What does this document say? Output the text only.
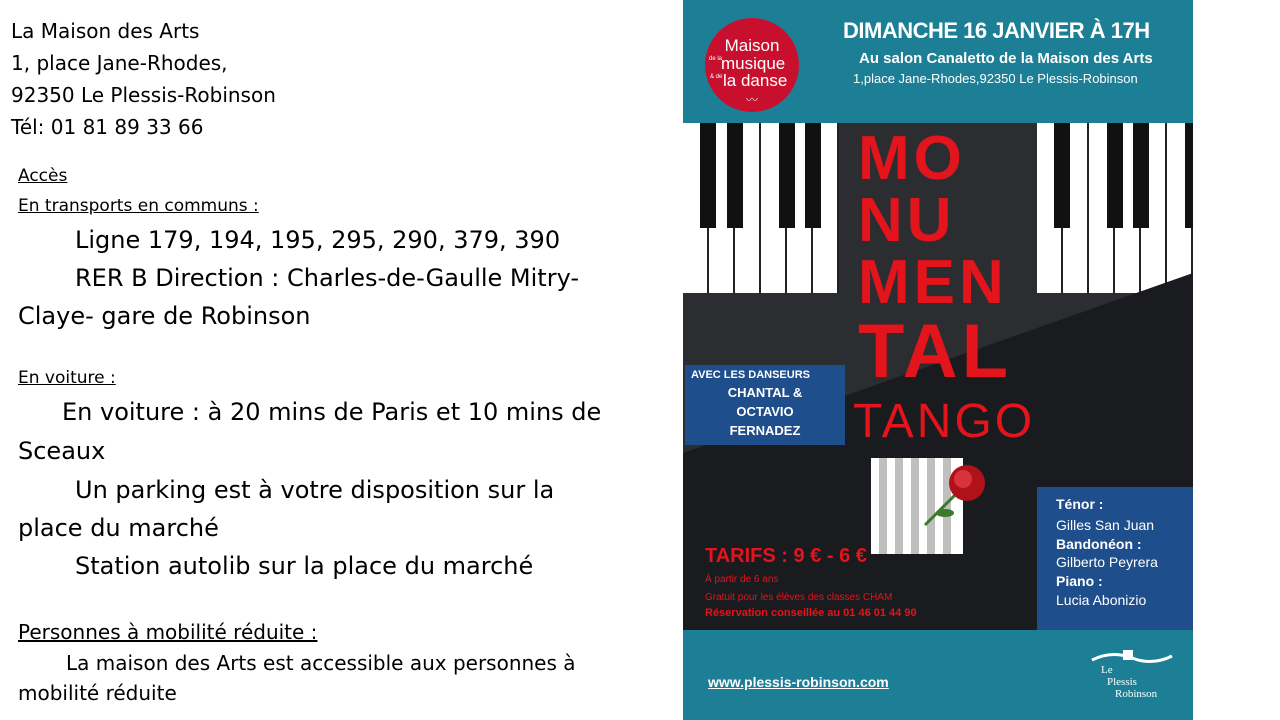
La Maison des Arts
1, place Jane-Rhodes,
92350 Le Plessis-Robinson
Tél: 01 81 89 33 66
Accès
En transports en communs :
Ligne 179, 194, 195, 295, 290, 379, 390
RER B Direction : Charles-de-Gaulle Mitry-
Claye- gare de Robinson
En voiture :
En voiture : à 20 mins de Paris et 10 mins de
Sceaux
Un parking est à votre disposition sur la
place du marché
Station autolib sur la place du marché
Personnes à mobilité réduite :
La maison des Arts est accessible aux personnes à
mobilité réduite
Maison
de la
musique
& de la danse
〰
DIMANCHE 16 JANVIER À 17H
Au salon Canaletto de la Maison des Arts
1,place Jane-Rhodes,92350 Le Plessis-Robinson
MO
NU
MEN
TAL
TANGO
AVEC LES DANSEURS
CHANTAL &
OCTAVIO
FERNADEZ
TARIFS : 9 € - 6 €
À partir de 6 ans
Gratuit pour les élèves des classes CHAM
Réservation conseillée au 01 46 01 44 90
Ténor :
Gilles San Juan
Bandonéon :
Gilberto Peyrera
Piano :
Lucia Abonizio
www.plessis-robinson.com
Le
Plessis
Robinson
